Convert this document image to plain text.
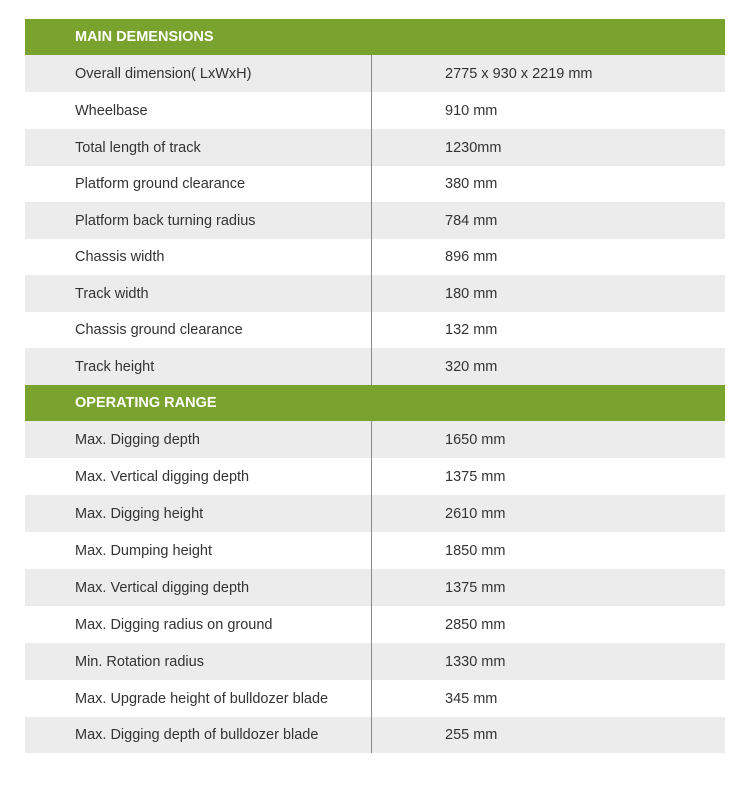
MAIN DEMENSIONS
Overall dimension( LxWxH)	2775 x 930 x 2219 mm
Wheelbase	910 mm
Total length of track	1230mm
Platform ground clearance	380 mm
Platform back turning radius	784 mm
Chassis width	896 mm
Track width	180 mm
Chassis ground clearance	132 mm
Track height	320 mm
OPERATING RANGE
Max. Digging depth	1650 mm
Max. Vertical digging depth	1375 mm
Max. Digging height	2610 mm
Max. Dumping height	1850 mm
Max. Vertical digging depth	1375 mm
Max. Digging radius on ground	2850 mm
Min. Rotation radius	1330 mm
Max. Upgrade height of bulldozer blade	345 mm
Max. Digging depth of bulldozer blade	255 mm
